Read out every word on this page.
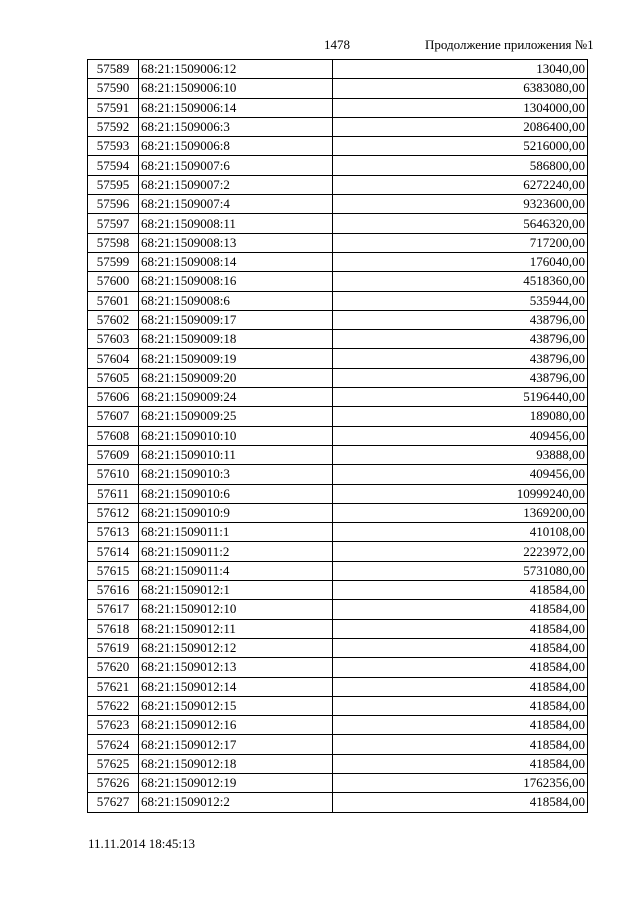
1478	Продолжение приложения №1
57589	68:21:1509006:12	13040,00
57590	68:21:1509006:10	6383080,00
57591	68:21:1509006:14	1304000,00
57592	68:21:1509006:3	2086400,00
57593	68:21:1509006:8	5216000,00
57594	68:21:1509007:6	586800,00
57595	68:21:1509007:2	6272240,00
57596	68:21:1509007:4	9323600,00
57597	68:21:1509008:11	5646320,00
57598	68:21:1509008:13	717200,00
57599	68:21:1509008:14	176040,00
57600	68:21:1509008:16	4518360,00
57601	68:21:1509008:6	535944,00
57602	68:21:1509009:17	438796,00
57603	68:21:1509009:18	438796,00
57604	68:21:1509009:19	438796,00
57605	68:21:1509009:20	438796,00
57606	68:21:1509009:24	5196440,00
57607	68:21:1509009:25	189080,00
57608	68:21:1509010:10	409456,00
57609	68:21:1509010:11	93888,00
57610	68:21:1509010:3	409456,00
57611	68:21:1509010:6	10999240,00
57612	68:21:1509010:9	1369200,00
57613	68:21:1509011:1	410108,00
57614	68:21:1509011:2	2223972,00
57615	68:21:1509011:4	5731080,00
57616	68:21:1509012:1	418584,00
57617	68:21:1509012:10	418584,00
57618	68:21:1509012:11	418584,00
57619	68:21:1509012:12	418584,00
57620	68:21:1509012:13	418584,00
57621	68:21:1509012:14	418584,00
57622	68:21:1509012:15	418584,00
57623	68:21:1509012:16	418584,00
57624	68:21:1509012:17	418584,00
57625	68:21:1509012:18	418584,00
57626	68:21:1509012:19	1762356,00
57627	68:21:1509012:2	418584,00
11.11.2014 18:45:13
